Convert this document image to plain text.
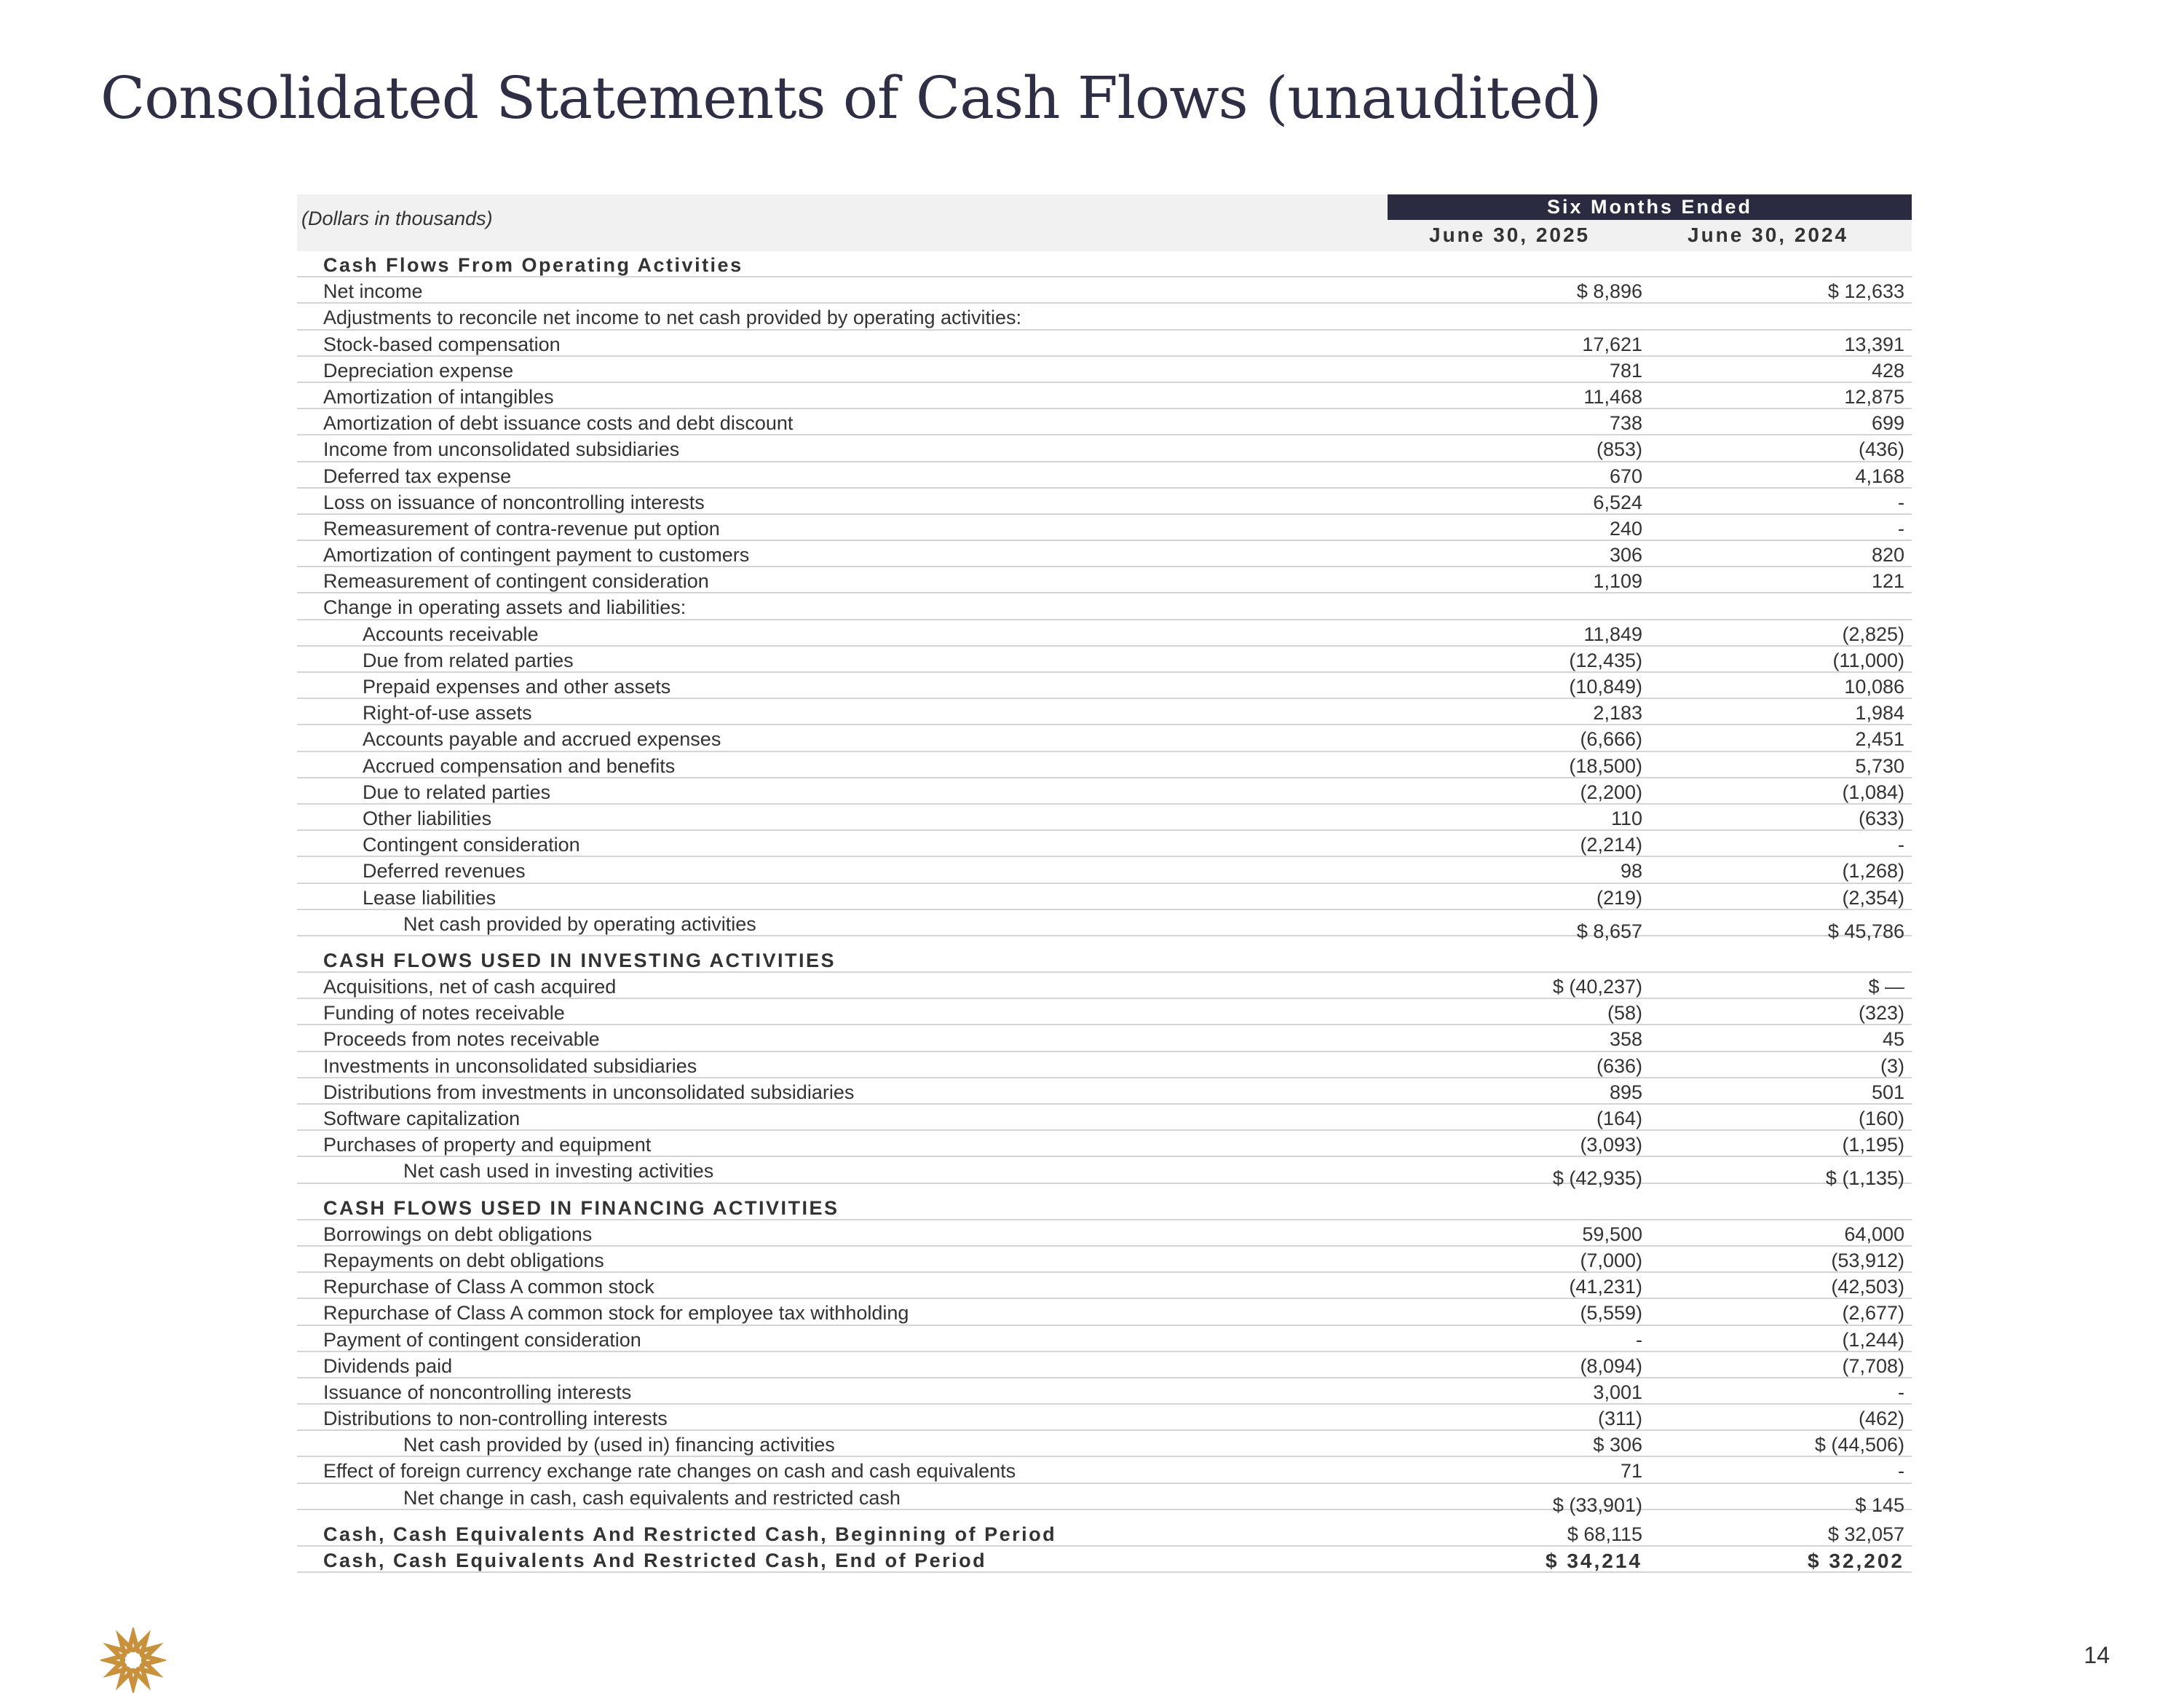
Consolidated Statements of Cash Flows (unaudited)
(Dollars in thousands)
Six Months Ended
June 30, 2025	June 30, 2024
Cash Flows From Operating Activities
Net income	$ 8,896	$ 12,633
Adjustments to reconcile net income to net cash provided by operating activities:
Stock-based compensation	17,621	13,391
Depreciation expense	781	428
Amortization of intangibles	11,468	12,875
Amortization of debt issuance costs and debt discount	738	699
Income from unconsolidated subsidiaries	(853)	(436)
Deferred tax expense	670	4,168
Loss on issuance of noncontrolling interests	6,524	-
Remeasurement of contra-revenue put option	240	-
Amortization of contingent payment to customers	306	820
Remeasurement of contingent consideration	1,109	121
Change in operating assets and liabilities:
Accounts receivable	11,849	(2,825)
Due from related parties	(12,435)	(11,000)
Prepaid expenses and other assets	(10,849)	10,086
Right-of-use assets	2,183	1,984
Accounts payable and accrued expenses	(6,666)	2,451
Accrued compensation and benefits	(18,500)	5,730
Due to related parties	(2,200)	(1,084)
Other liabilities	110	(633)
Contingent consideration	(2,214)	-
Deferred revenues	98	(1,268)
Lease liabilities	(219)	(2,354)
Net cash provided by operating activities	$ 8,657	$ 45,786
CASH FLOWS USED IN INVESTING ACTIVITIES
Acquisitions, net of cash acquired	$ (40,237)	$ —
Funding of notes receivable	(58)	(323)
Proceeds from notes receivable	358	45
Investments in unconsolidated subsidiaries	(636)	(3)
Distributions from investments in unconsolidated subsidiaries	895	501
Software capitalization	(164)	(160)
Purchases of property and equipment	(3,093)	(1,195)
Net cash used in investing activities	$ (42,935)	$ (1,135)
CASH FLOWS USED IN FINANCING ACTIVITIES
Borrowings on debt obligations	59,500	64,000
Repayments on debt obligations	(7,000)	(53,912)
Repurchase of Class A common stock	(41,231)	(42,503)
Repurchase of Class A common stock for employee tax withholding	(5,559)	(2,677)
Payment of contingent consideration	-	(1,244)
Dividends paid	(8,094)	(7,708)
Issuance of noncontrolling interests	3,001	-
Distributions to non-controlling interests	(311)	(462)
Net cash provided by (used in) financing activities	$ 306	$ (44,506)
Effect of foreign currency exchange rate changes on cash and cash equivalents	71	-
Net change in cash, cash equivalents and restricted cash	$ (33,901)	$ 145
Cash, Cash Equivalents And Restricted Cash, Beginning of Period	$ 68,115	$ 32,057
Cash, Cash Equivalents And Restricted Cash, End of Period	$ 34,214	$ 32,202
14
